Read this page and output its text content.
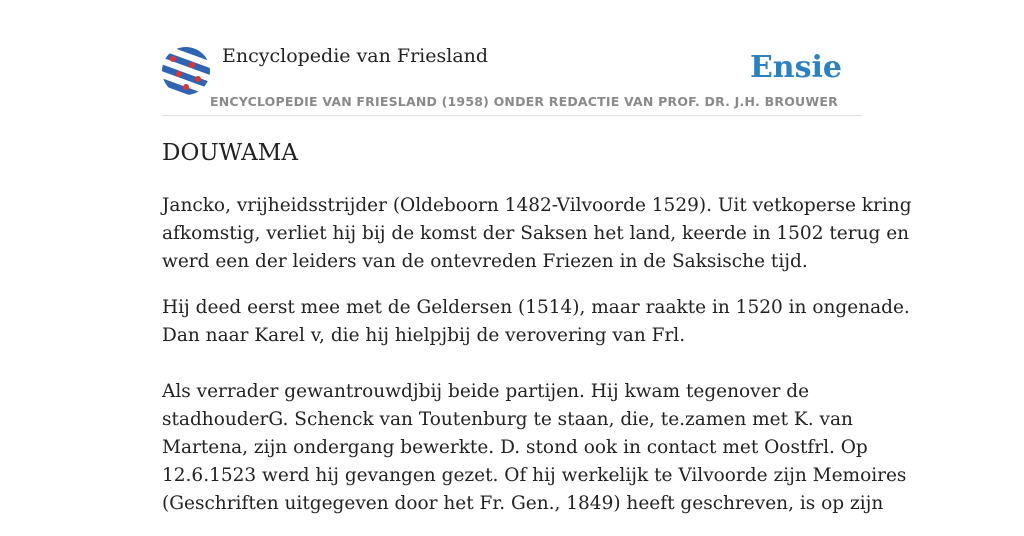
Encyclopedie van Friesland	Ensie
ENCYCLOPEDIE VAN FRIESLAND (1958) ONDER REDACTIE VAN PROF. DR. J.H. BROUWER
DOUWAMA

Jancko, vrijheidsstrijder (Oldeboorn 1482-Vilvoorde 1529). Uit vetkoperse kring
afkomstig, verliet hij bij de komst der Saksen het land, keerde in 1502 terug en
werd een der leiders van de ontevreden Friezen in de Saksische tijd.

Hij deed eerst mee met de Geldersen (1514), maar raakte in 1520 in ongenade.
Dan naar Karel v, die hij hielpjbij de verovering van Frl.
Als verrader gewantrouwdjbij beide partijen. Hij kwam tegenover de
stadhouderG. Schenck van Toutenburg te staan, die, te.zamen met K. van
Martena, zijn ondergang bewerkte. D. stond ook in contact met Oostfrl. Op
12.6.1523 werd hij gevangen gezet. Of hij werkelijk te Vilvoorde zijn Memoires
(Geschriften uitgegeven door het Fr. Gen., 1849) heeft geschreven, is op zijn
